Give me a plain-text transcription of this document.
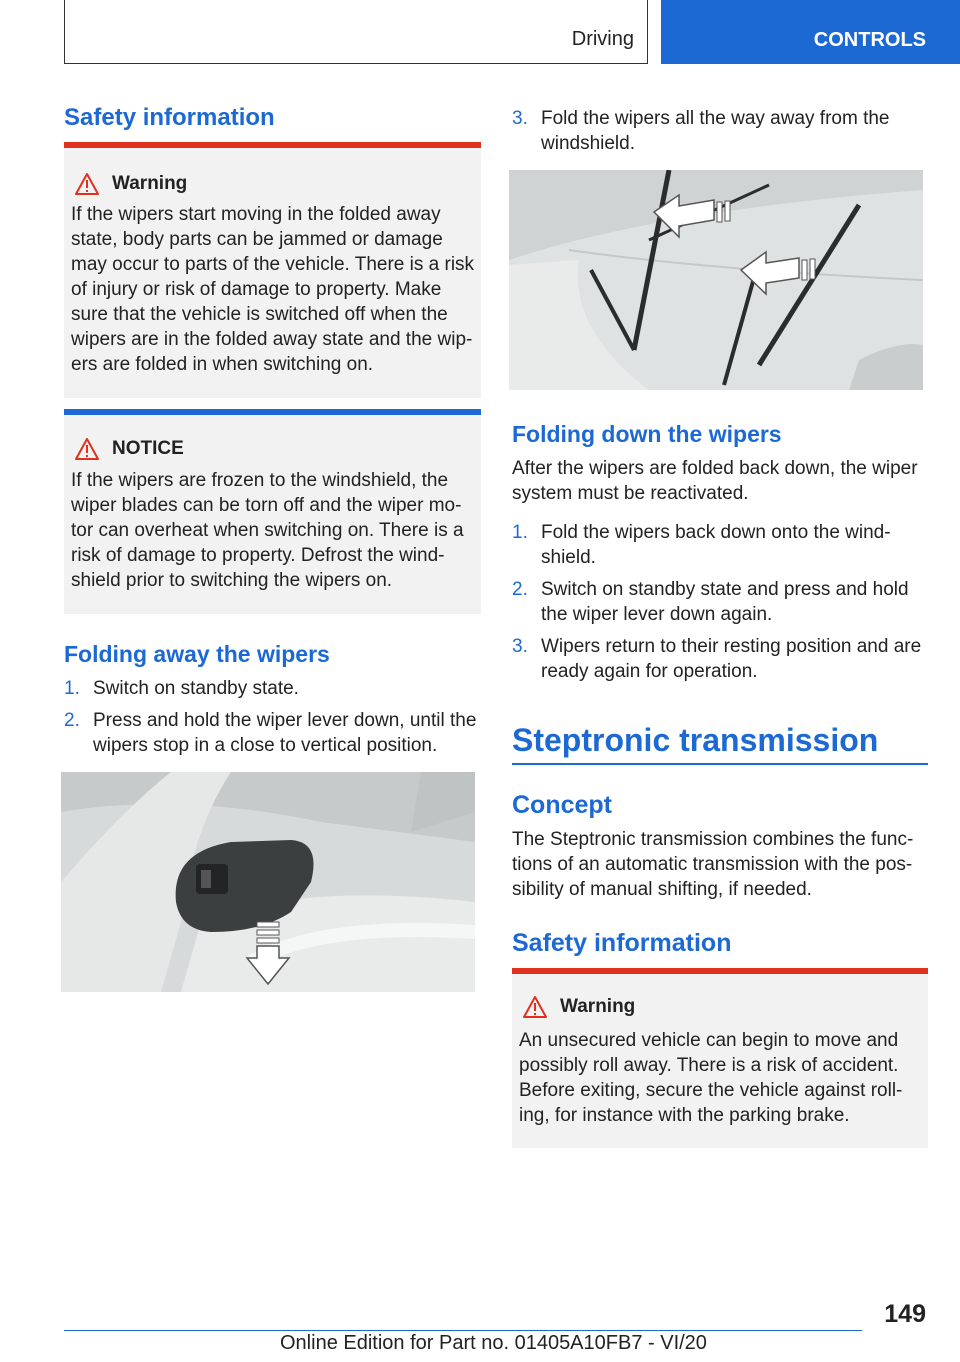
Driving	CONTROLS
Safety information
Warning
If the wipers start moving in the folded away state, body parts can be jammed or damage may occur to parts of the vehicle. There is a risk of injury or risk of damage to property. Make sure that the vehicle is switched off when the wipers are in the folded away state and the wip-ers are folded in when switching on.
NOTICE
If the wipers are frozen to the windshield, the wiper blades can be torn off and the wiper mo-tor can overheat when switching on. There is a risk of damage to property. Defrost the wind-shield prior to switching the wipers on.
Folding away the wipers
1. Switch on standby state.
2. Press and hold the wiper lever down, until the wipers stop in a close to vertical position.
3. Fold the wipers all the way away from the windshield.
Folding down the wipers
After the wipers are folded back down, the wiper system must be reactivated.
1. Fold the wipers back down onto the wind-shield.
2. Switch on standby state and press and hold the wiper lever down again.
3. Wipers return to their resting position and are ready again for operation.
Steptronic transmission
Concept
The Steptronic transmission combines the func-tions of an automatic transmission with the pos-sibility of manual shifting, if needed.
Safety information
Warning
An unsecured vehicle can begin to move and possibly roll away. There is a risk of accident. Before exiting, secure the vehicle against roll-ing, for instance with the parking brake.
149
Online Edition for Part no. 01405A10FB7 - VI/20
